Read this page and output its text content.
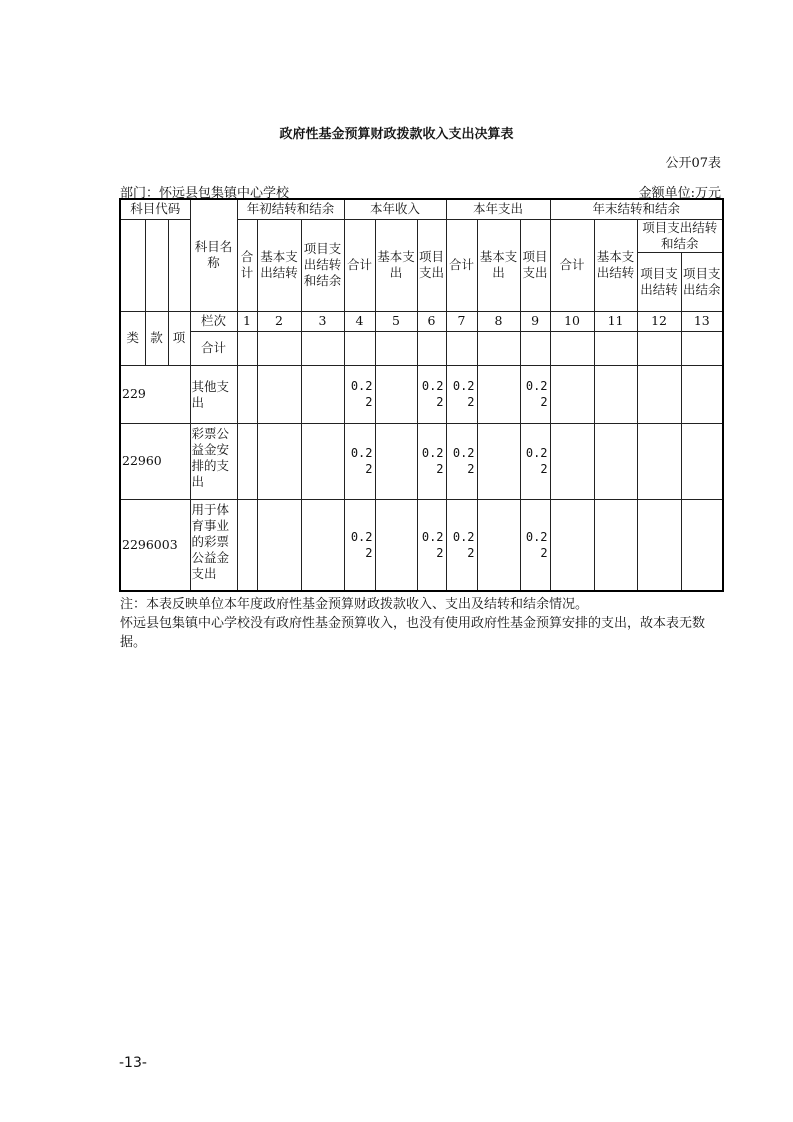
政府性基金预算财政拨款收入支出决算表
公开07表
部门：怀远县包集镇中心学校	金额单位:万元
科目代码			科目名称	年初结转和结余			本年收入			本年支出			年末结转和结余			
				合计	基本支出结转	项目支出结转和结余	合计	基本支出	项目支出	合计	基本支出	项目支出	合计	基本支出结转	项目支出结转和结余	
															项目支出结转	项目支出结余

类	款	项	栏次	1	2	3	4	5	6	7	8	9	10	11	12	13
			合计													
229			其他支出				0.22		0.22	0.22		0.22				
22960			彩票公益金安排的支出				0.22		0.22	0.22		0.22				
2296003			用于体育事业的彩票公益金支出				0.22		0.22	0.22		0.22				
注：本表反映单位本年度政府性基金预算财政拨款收入、支出及结转和结余情况。
怀远县包集镇中心学校没有政府性基金预算收入，也没有使用政府性基金预算安排的支出，故本表无数据。
-13-
